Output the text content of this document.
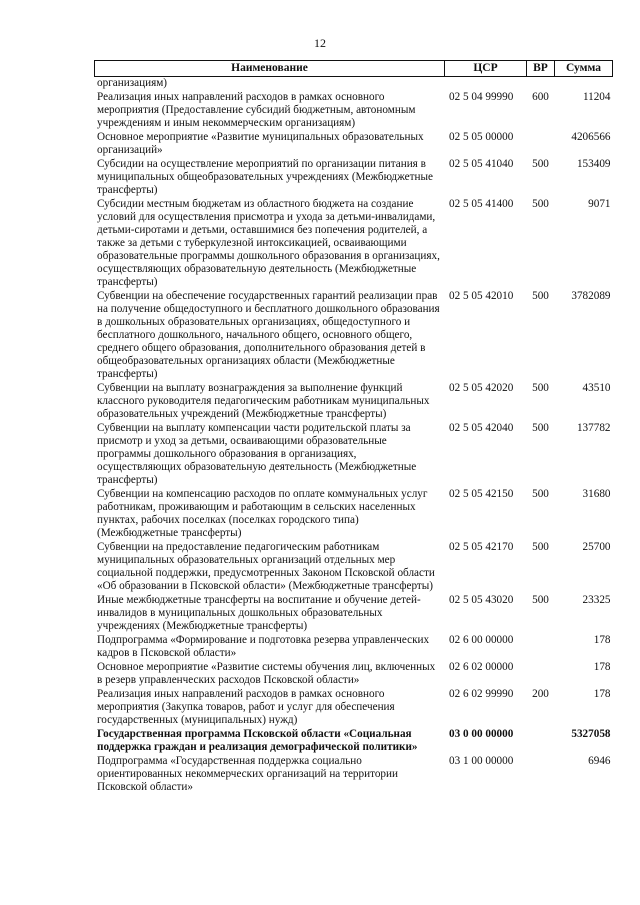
12
Наименование	ЦСР	ВР	Сумма
организациям)			
Реализация иных направлений расходов в рамках основного мероприятия (Предоставление субсидий бюджетным, автономным учреждениям и иным некоммерческим организациям)	02 5 04 99990	600	11204
Основное мероприятие «Развитие муниципальных образовательных организаций»	02 5 05 00000		4206566
Субсидии на осуществление мероприятий по организации питания в муниципальных общеобразовательных учреждениях (Межбюджетные трансферты)	02 5 05 41040	500	153409
Субсидии местным бюджетам из областного бюджета на создание условий для осуществления присмотра и ухода за детьми-инвалидами, детьми-сиротами и детьми, оставшимися без попечения родителей, а также за детьми с туберкулезной интоксикацией, осваивающими образовательные программы дошкольного образования в организациях, осуществляющих образовательную деятельность (Межбюджетные трансферты)	02 5 05 41400	500	9071
Субвенции на обеспечение государственных гарантий реализации прав на получение общедоступного и бесплатного дошкольного образования в дошкольных образовательных организациях, общедоступного и бесплатного дошкольного, начального общего, основного общего, среднего общего образования, дополнительного образования детей в общеобразовательных организациях области (Межбюджетные трансферты)	02 5 05 42010	500	3782089
Субвенции на выплату вознаграждения за выполнение функций классного руководителя педагогическим работникам муниципальных образовательных учреждений (Межбюджетные трансферты)	02 5 05 42020	500	43510
Субвенции на выплату компенсации части родительской платы за присмотр и уход за детьми, осваивающими образовательные программы дошкольного образования в организациях, осуществляющих образовательную деятельность (Межбюджетные трансферты)	02 5 05 42040	500	137782
Субвенции на компенсацию расходов по оплате коммунальных услуг работникам, проживающим и работающим в сельских населенных пунктах, рабочих поселках (поселках городского типа) (Межбюджетные трансферты)	02 5 05 42150	500	31680
Субвенции на предоставление педагогическим работникам муниципальных образовательных организаций отдельных мер социальной поддержки, предусмотренных Законом Псковской области «Об образовании в Псковской области» (Межбюджетные трансферты)	02 5 05 42170	500	25700
Иные межбюджетные трансферты на воспитание и обучение детей-инвалидов в муниципальных дошкольных образовательных учреждениях (Межбюджетные трансферты)	02 5 05 43020	500	23325
Подпрограмма «Формирование и подготовка резерва управленческих кадров в Псковской области»	02 6 00 00000		178
Основное мероприятие «Развитие системы обучения лиц, включенных в резерв управленческих расходов Псковской области»	02 6 02 00000		178
Реализация иных направлений расходов в рамках основного мероприятия (Закупка товаров, работ и услуг для обеспечения государственных (муниципальных) нужд)	02 6 02 99990	200	178
Государственная программа Псковской области «Социальная поддержка граждан и реализация демографической политики»	03 0 00 00000		5327058
Подпрограмма «Государственная поддержка социально ориентированных некоммерческих организаций на территории Псковской области»	03 1 00 00000		6946
